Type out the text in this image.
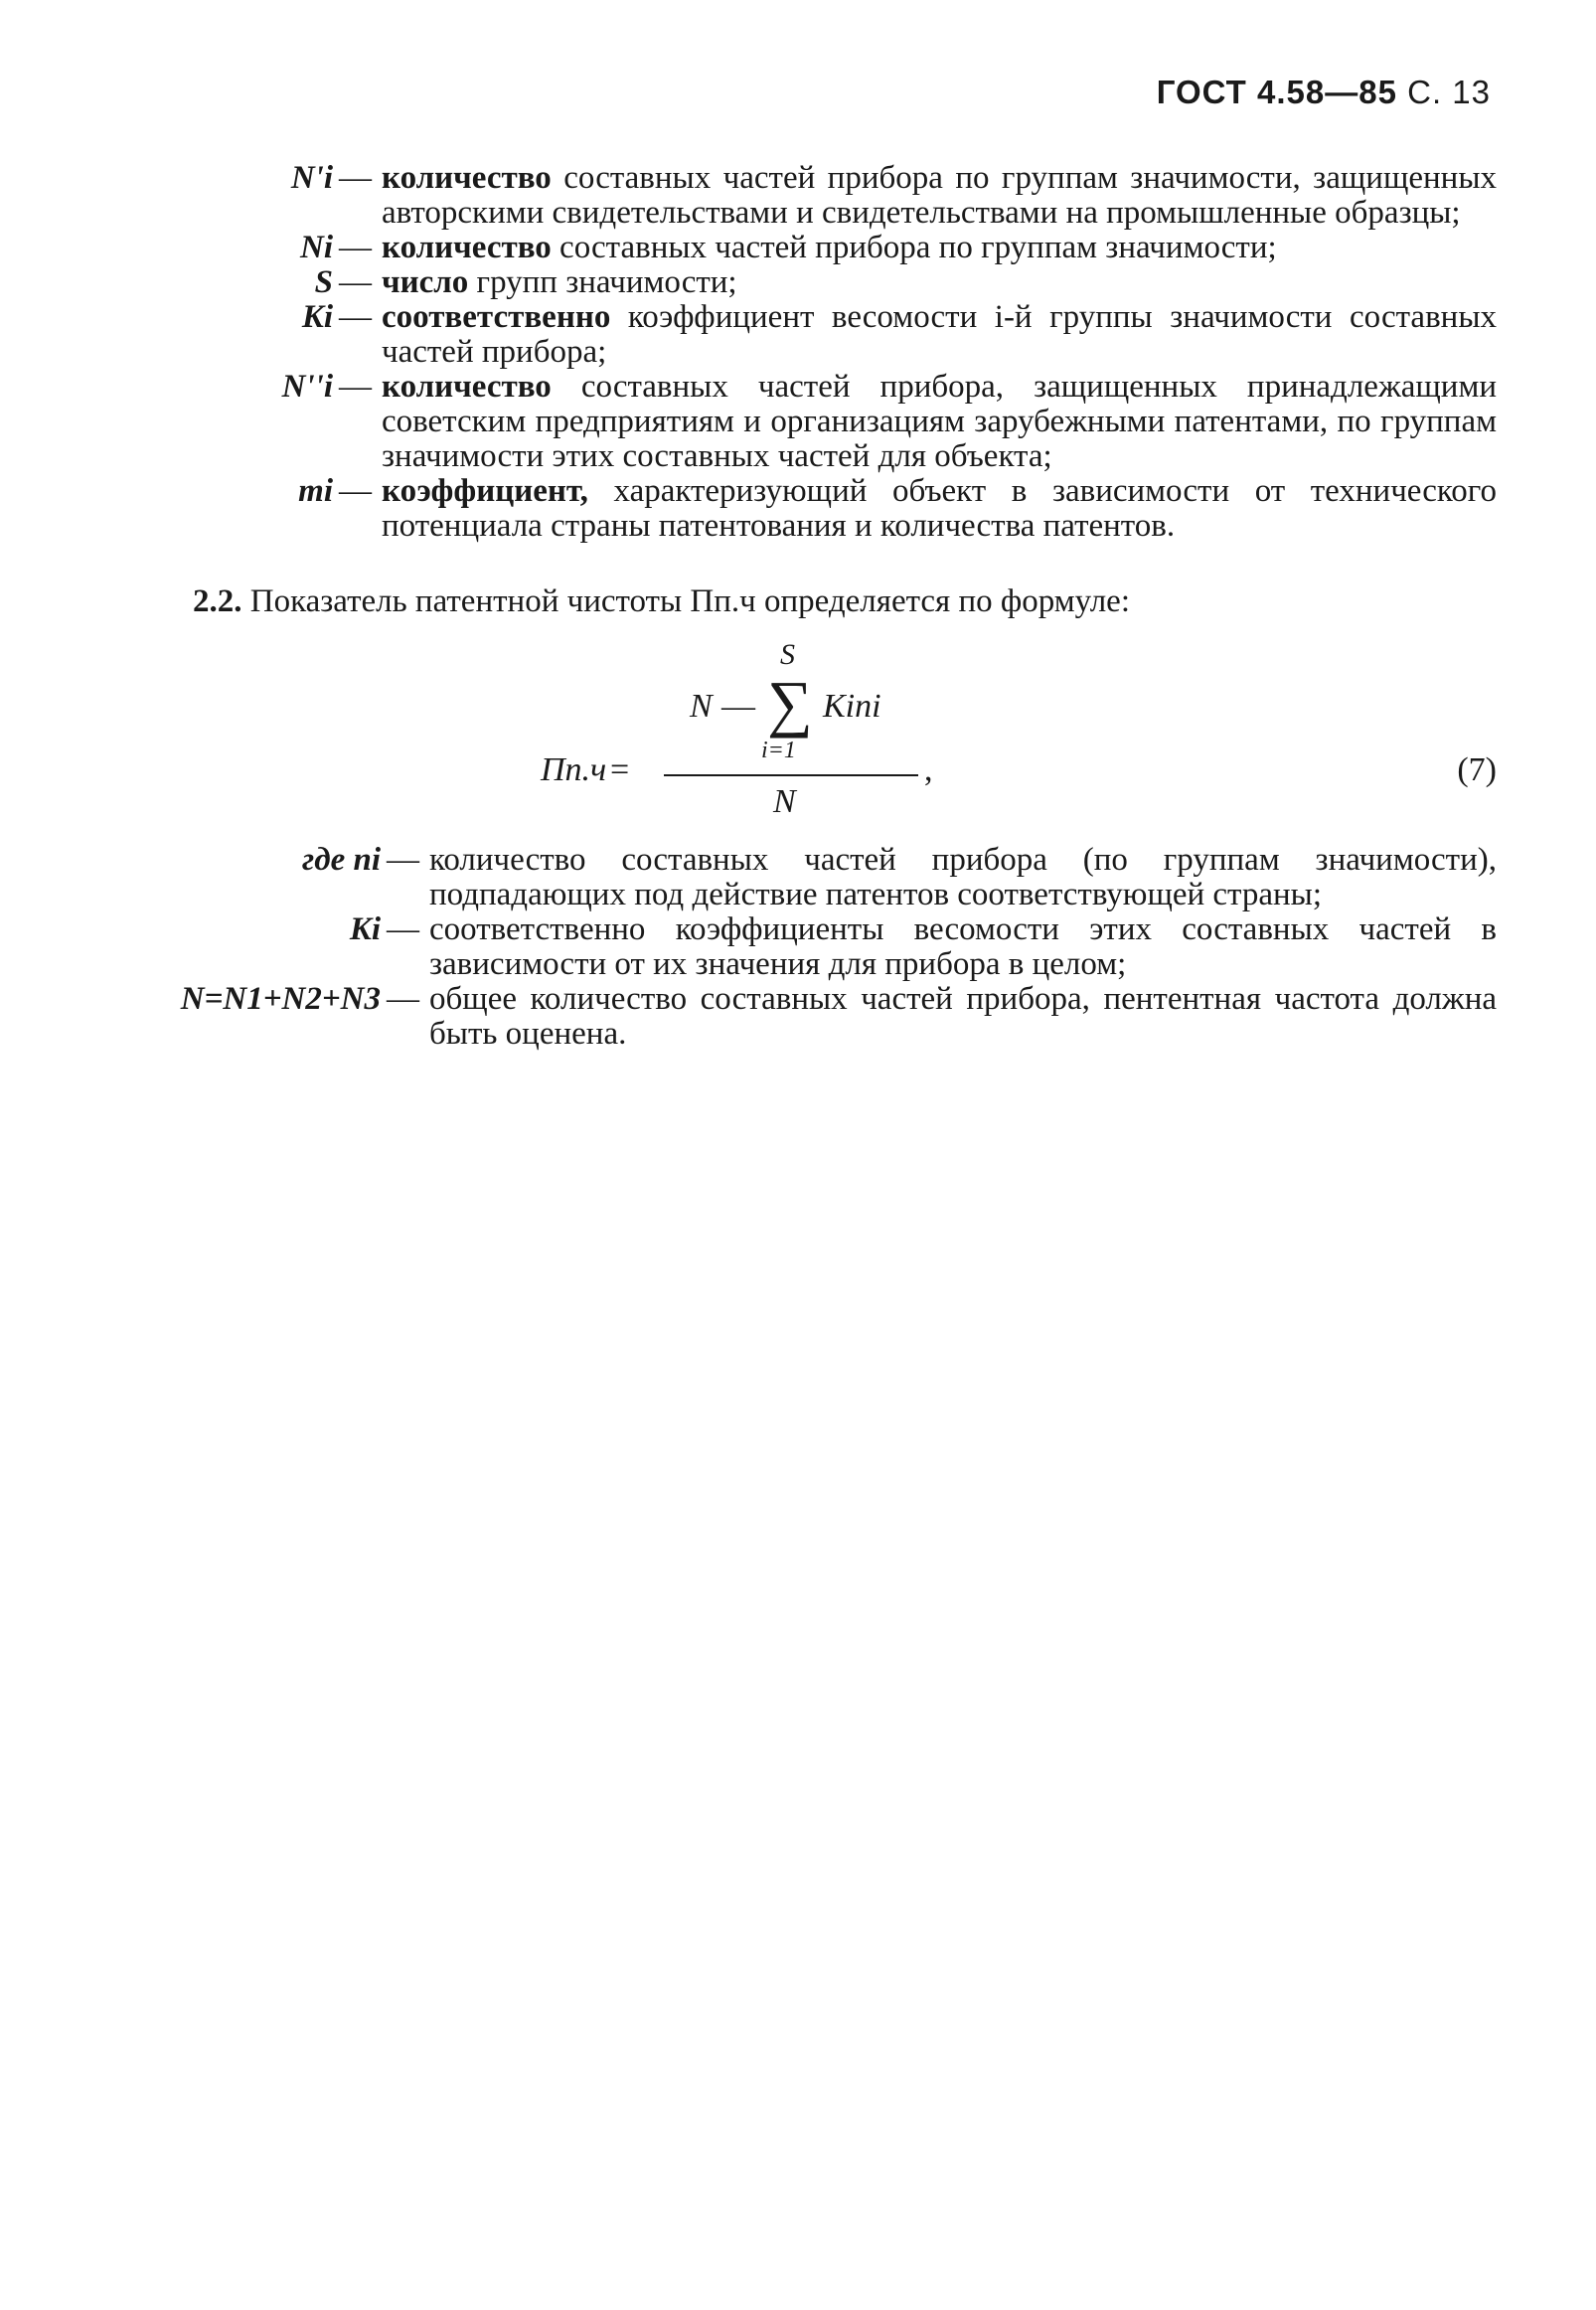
ГОСТ 4.58—85 С. 13
N'i — количество составных частей прибора по группам значимости, защищенных авторскими свидетельствами и свидетельствами на промышленные образцы;
Ni — количество составных частей прибора по группам значимости;
S — число групп значимости;
Ki — соответственно коэффициент весомости i-й группы значимости составных частей прибора;
N''i — количество составных частей прибора, защищенных принадлежащими советским предприятиям и организациям зарубежными патентами, по группам значимости этих составных частей для объекта;
mi — коэффициент, характеризующий объект в зависимости от технического потенциала страны патентования и количества патентов.
2.2. Показатель патентной чистоты Пп.ч определяется по формуле:
Пп.ч =
N —
S
∑
i=1
Kini
N
,	(7)
где ni — количество составных частей прибора (по группам значимости), подпадающих под действие патентов соответствующей страны;
Ki — соответственно коэффициенты весомости этих составных частей в зависимости от их значения для прибора в целом;
N=N1+N2+N3 — общее количество составных частей прибора, пентентная частота должна быть оценена.
